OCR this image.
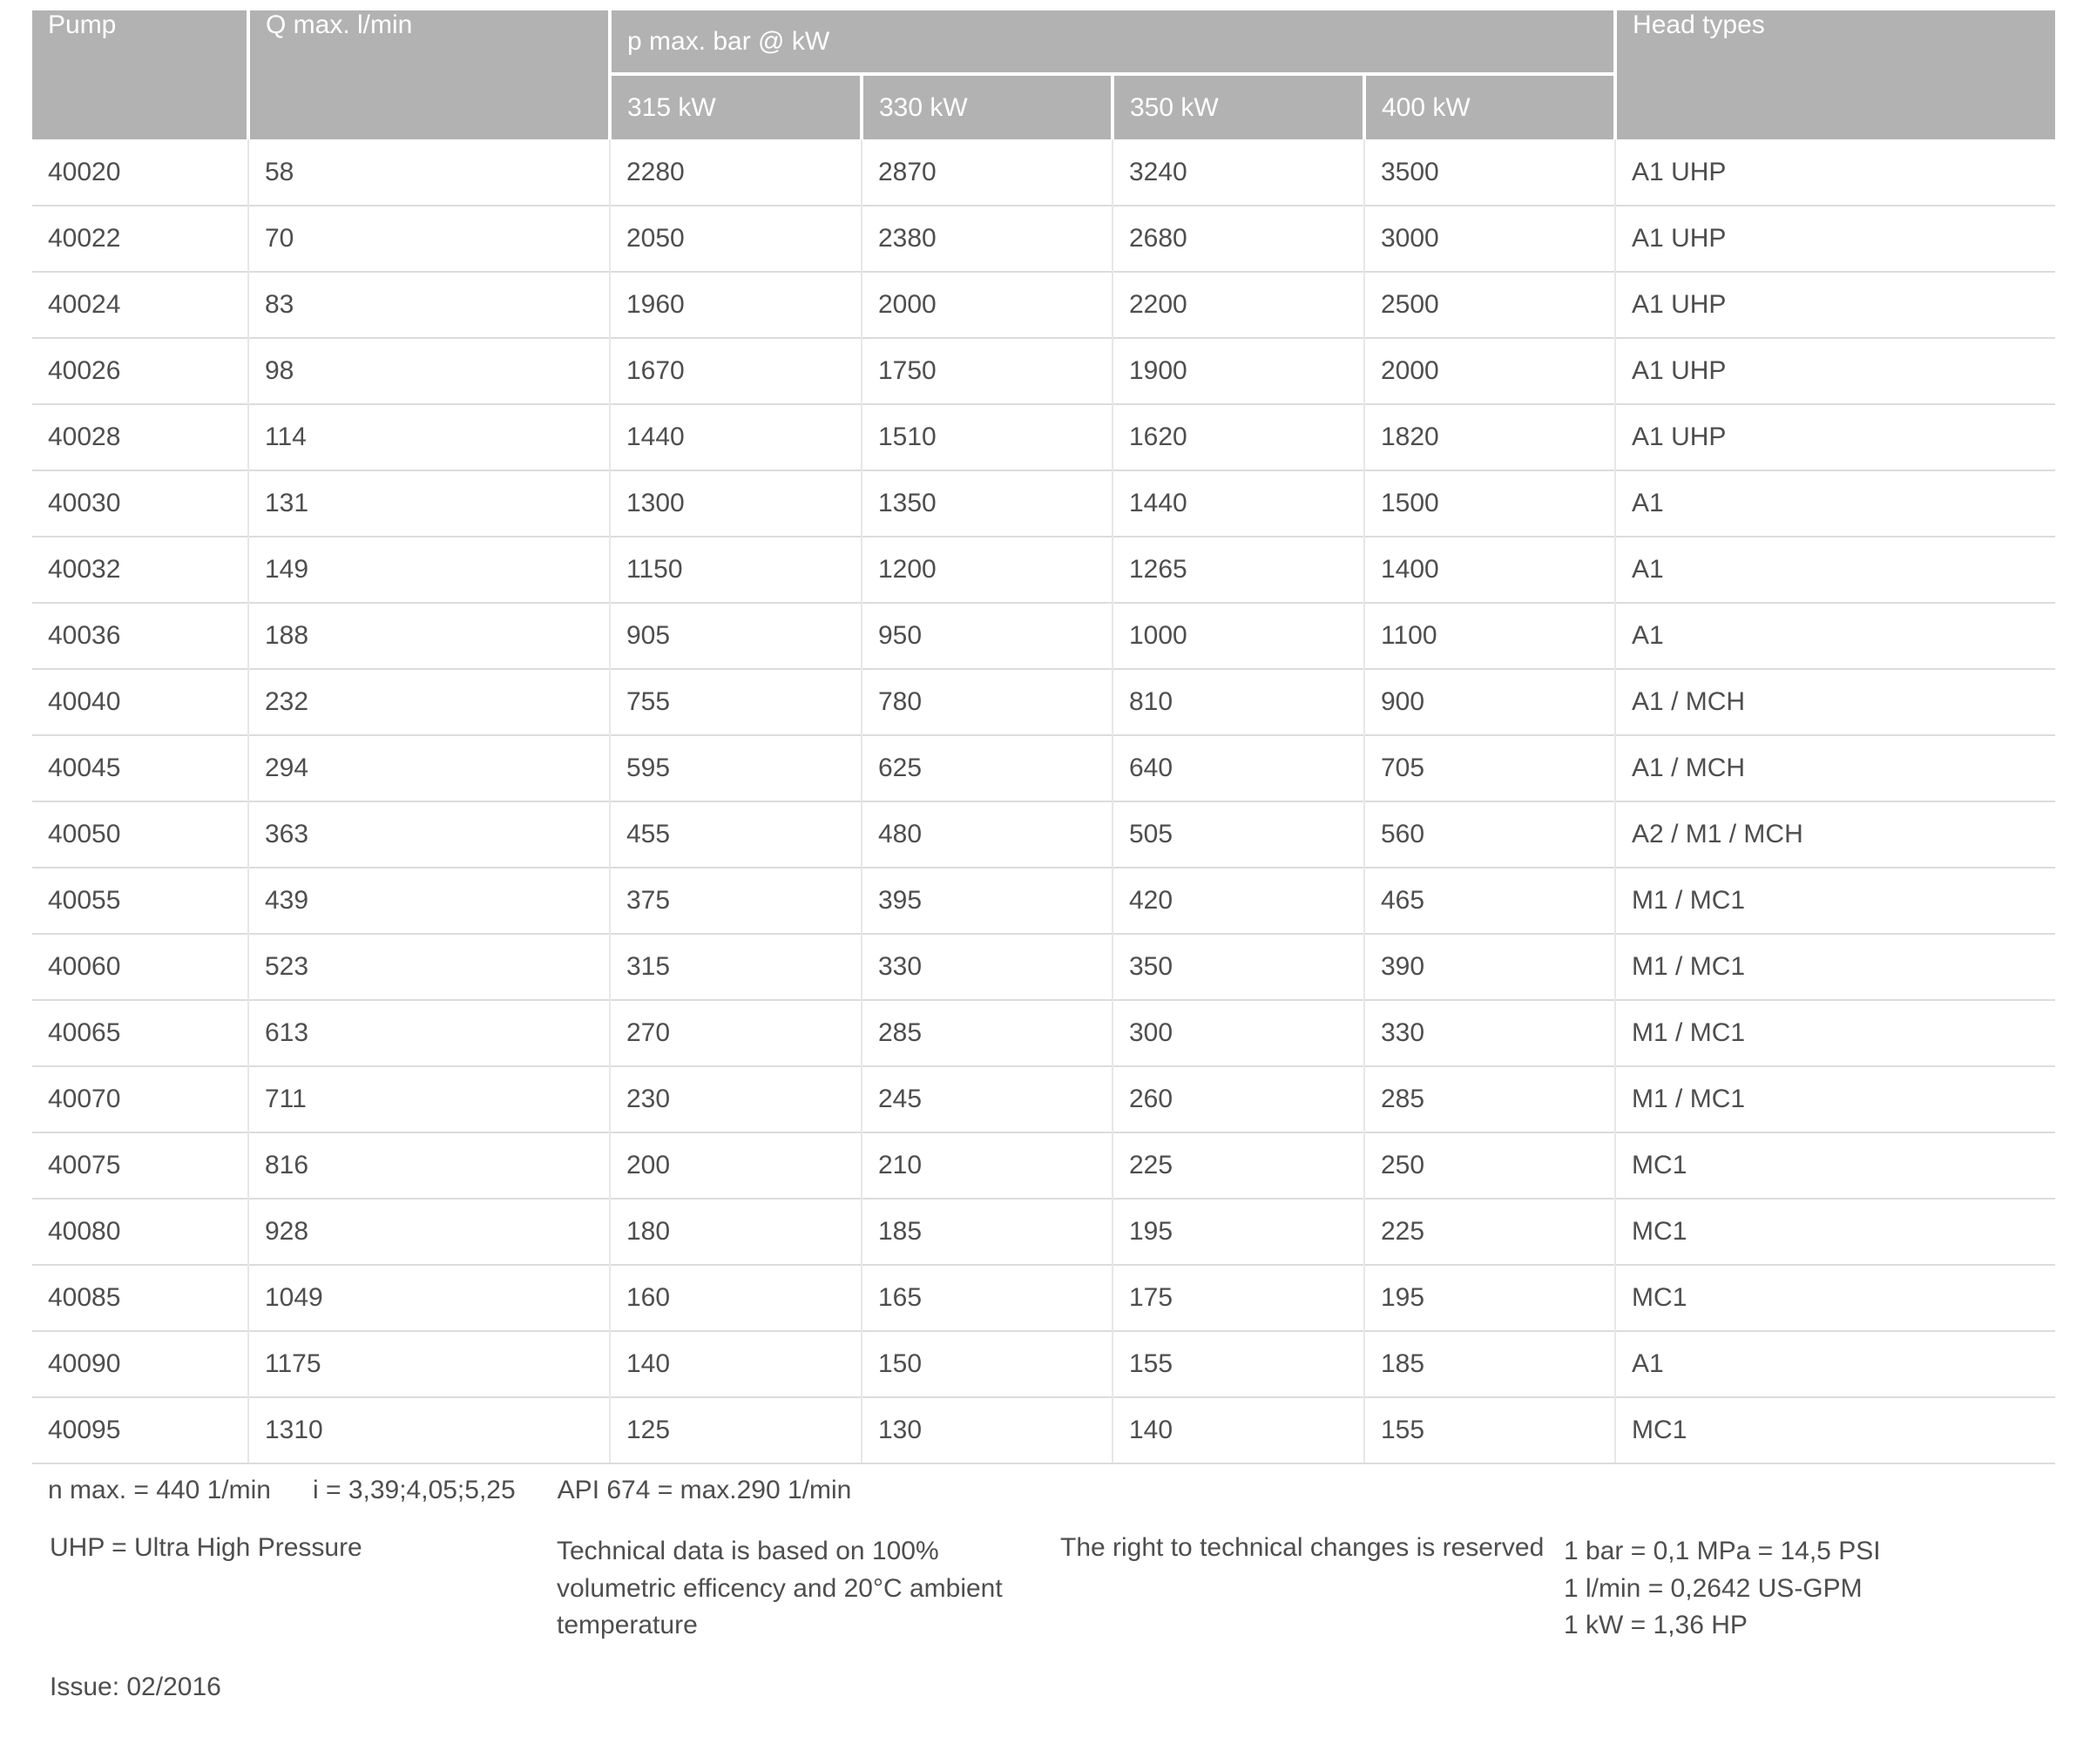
Pump	Q max. l/min	p max. bar @ kW				Head types
		315 kW	330 kW	350 kW	400 kW	
40020	58	2280	2870	3240	3500	A1 UHP
40022	70	2050	2380	2680	3000	A1 UHP
40024	83	1960	2000	2200	2500	A1 UHP
40026	98	1670	1750	1900	2000	A1 UHP
40028	114	1440	1510	1620	1820	A1 UHP
40030	131	1300	1350	1440	1500	A1
40032	149	1150	1200	1265	1400	A1
40036	188	905	950	1000	1100	A1
40040	232	755	780	810	900	A1 / MCH
40045	294	595	625	640	705	A1 / MCH
40050	363	455	480	505	560	A2 / M1 / MCH
40055	439	375	395	420	465	M1 / MC1
40060	523	315	330	350	390	M1 / MC1
40065	613	270	285	300	330	M1 / MC1
40070	711	230	245	260	285	M1 / MC1
40075	816	200	210	225	250	MC1
40080	928	180	185	195	225	MC1
40085	1049	160	165	175	195	MC1
40090	1175	140	150	155	185	A1
40095	1310	125	130	140	155	MC1
n max. = 440 1/min i = 3,39;4,05;5,25 API 674 = max.290 1/min
UHP = Ultra High Pressure	Technical data is based on 100%
volumetric efficency and 20°C ambient
temperature
The right to technical changes is reserved 1 bar = 0,1 MPa = 14,5 PSI
1 l/min = 0,2642 US-GPM
1 kW = 1,36 HP
Issue: 02/2016
